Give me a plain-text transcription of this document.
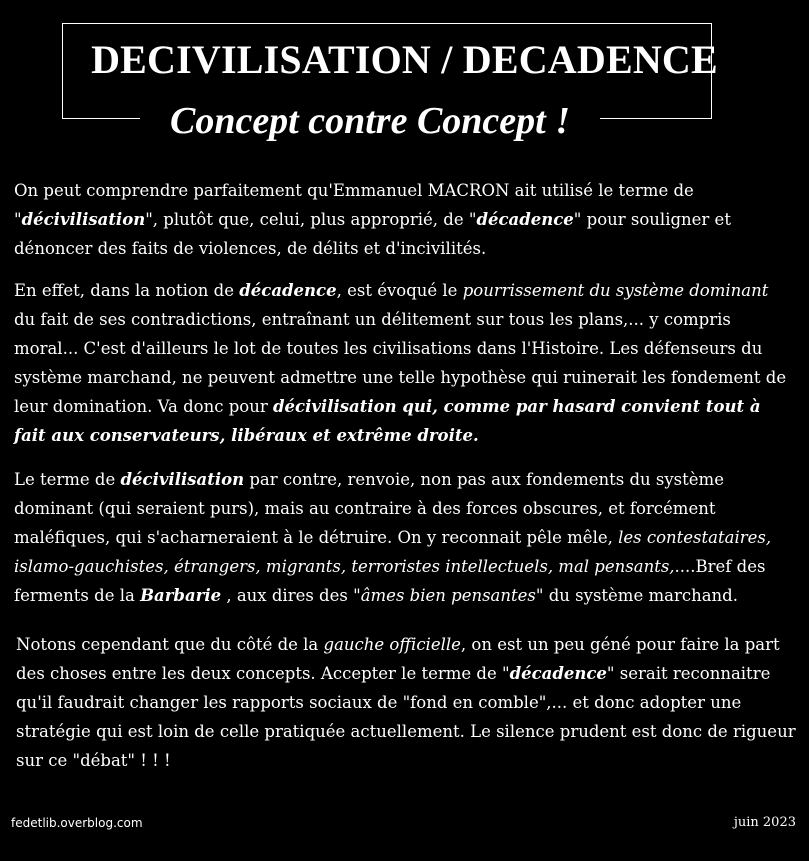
DECIVILISATION / DECADENCE
Concept contre Concept !

On peut comprendre parfaitement qu'Emmanuel MACRON ait utilisé le terme de "décivilisation", plutôt que, celui, plus approprié, de "décadence" pour souligner et dénoncer des faits de violences, de délits et d'incivilités.

En effet, dans la notion de décadence, est évoqué le pourrissement du système dominant du fait de ses contradictions, entraînant un délitement sur tous les plans,... y compris moral... C'est d'ailleurs le lot de toutes les civilisations dans l'Histoire. Les défenseurs du système marchand, ne peuvent admettre une telle hypothèse qui ruinerait les fondement de leur domination. Va donc pour décivilisation qui, comme par hasard convient tout à fait aux conservateurs, libéraux et extrême droite.

Le terme de décivilisation par contre, renvoie, non pas aux fondements du système dominant (qui seraient purs), mais au contraire à des forces obscures, et forcément maléfiques, qui s'acharneraient à le détruire. On y reconnait pêle mêle, les contestataires, islamo-gauchistes, étrangers, migrants, terroristes intellectuels, mal pensants,....Bref des ferments de la Barbarie , aux dires des "âmes bien pensantes" du système marchand.

Notons cependant que du côté de la gauche officielle, on est un peu géné pour faire la part des choses entre les deux concepts. Accepter le terme de "décadence" serait reconnaitre qu'il faudrait changer les rapports sociaux de "fond en comble",... et donc adopter une stratégie qui est loin de celle pratiquée actuellement. Le silence prudent est donc de rigueur sur ce "débat" ! ! !

fedetlib.overblog.com	juin 2023
